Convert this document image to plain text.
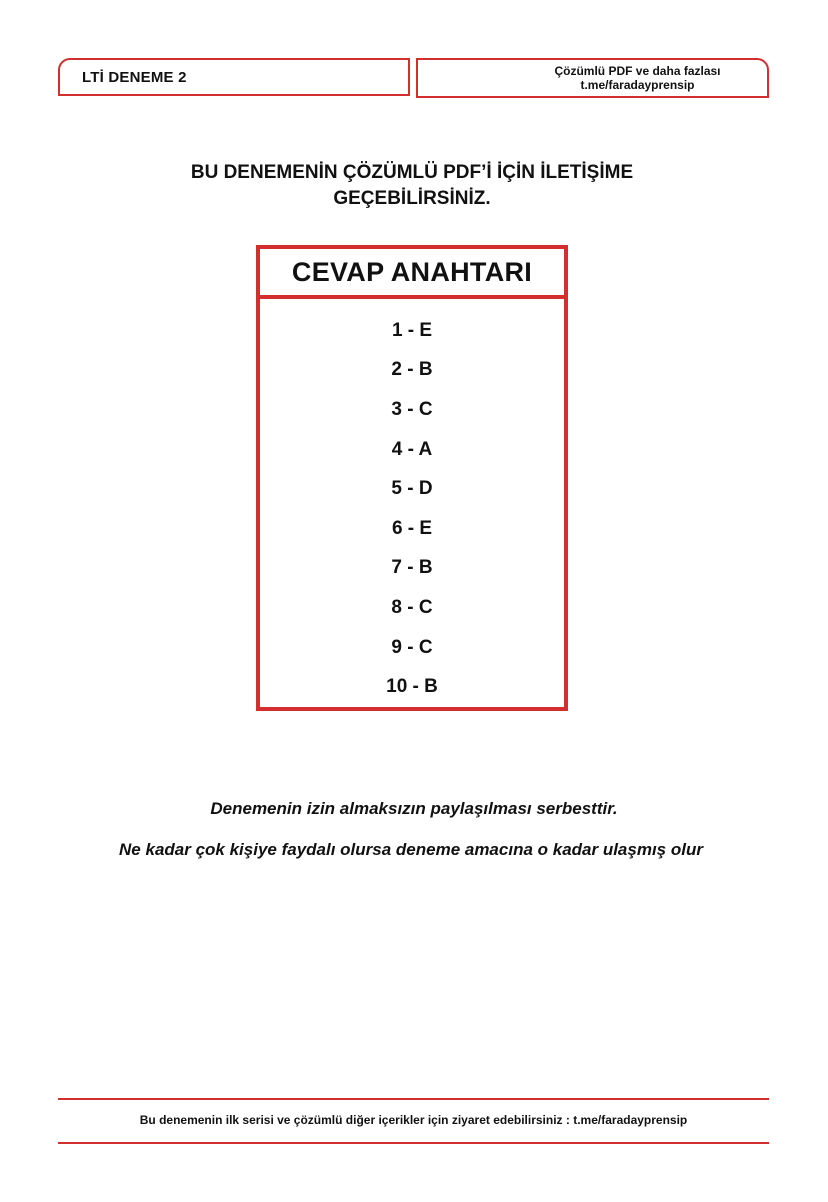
LTİ DENEME 2	Çözümlü PDF ve daha fazlası
t.me/faradayprensip
BU DENEMENİN ÇÖZÜMLÜ PDF’İ İÇİN İLETİŞİME
GEÇEBİLİRSİNİZ.
CEVAP ANAHTARI
1 - E
2 - B
3 - C
4 - A
5 - D
6 - E
7 - B
8 - C
9 - C
10 - B
Denemenin izin almaksızın paylaşılması serbesttir.
Ne kadar çok kişiye faydalı olursa deneme amacına o kadar ulaşmış olur
Bu denemenin ilk serisi ve çözümlü diğer içerikler için ziyaret edebilirsiniz : t.me/faradayprensip
